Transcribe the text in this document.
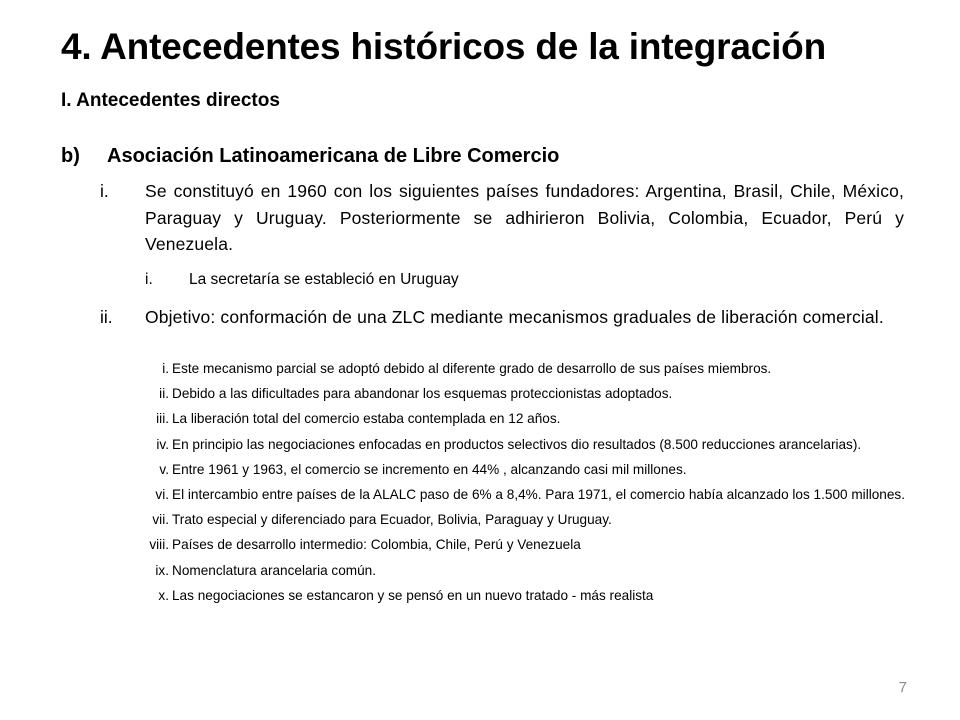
4. Antecedentes históricos de la integración
I. Antecedentes directos
b) Asociación Latinoamericana de Libre Comercio
i.	Se constituyó en 1960 con los siguientes países fundadores: Argentina, Brasil, Chile, México, Paraguay y Uruguay. Posteriormente se adhirieron Bolivia, Colombia, Ecuador, Perú y Venezuela.
i.	La secretaría se estableció en Uruguay
ii.	Objetivo: conformación de una ZLC mediante mecanismos graduales de liberación comercial.
i. Este mecanismo parcial se adoptó debido al diferente grado de desarrollo de sus países miembros.
ii. Debido a las dificultades para abandonar los esquemas proteccionistas adoptados.
iii. La liberación total del comercio estaba contemplada en 12 años.
iv. En principio las negociaciones enfocadas en productos selectivos dio resultados (8.500 reducciones arancelarias).
v. Entre 1961 y 1963, el comercio se incremento en 44% , alcanzando casi mil millones.
vi. El intercambio entre países de la ALALC paso de 6% a 8,4%. Para 1971, el comercio había alcanzado los 1.500 millones.
vii. Trato especial y diferenciado para Ecuador, Bolivia, Paraguay y Uruguay.
viii. Países de desarrollo intermedio: Colombia, Chile, Perú y Venezuela
ix. Nomenclatura arancelaria común.
x. Las negociaciones se estancaron y se pensó en un nuevo tratado - más realista
7
